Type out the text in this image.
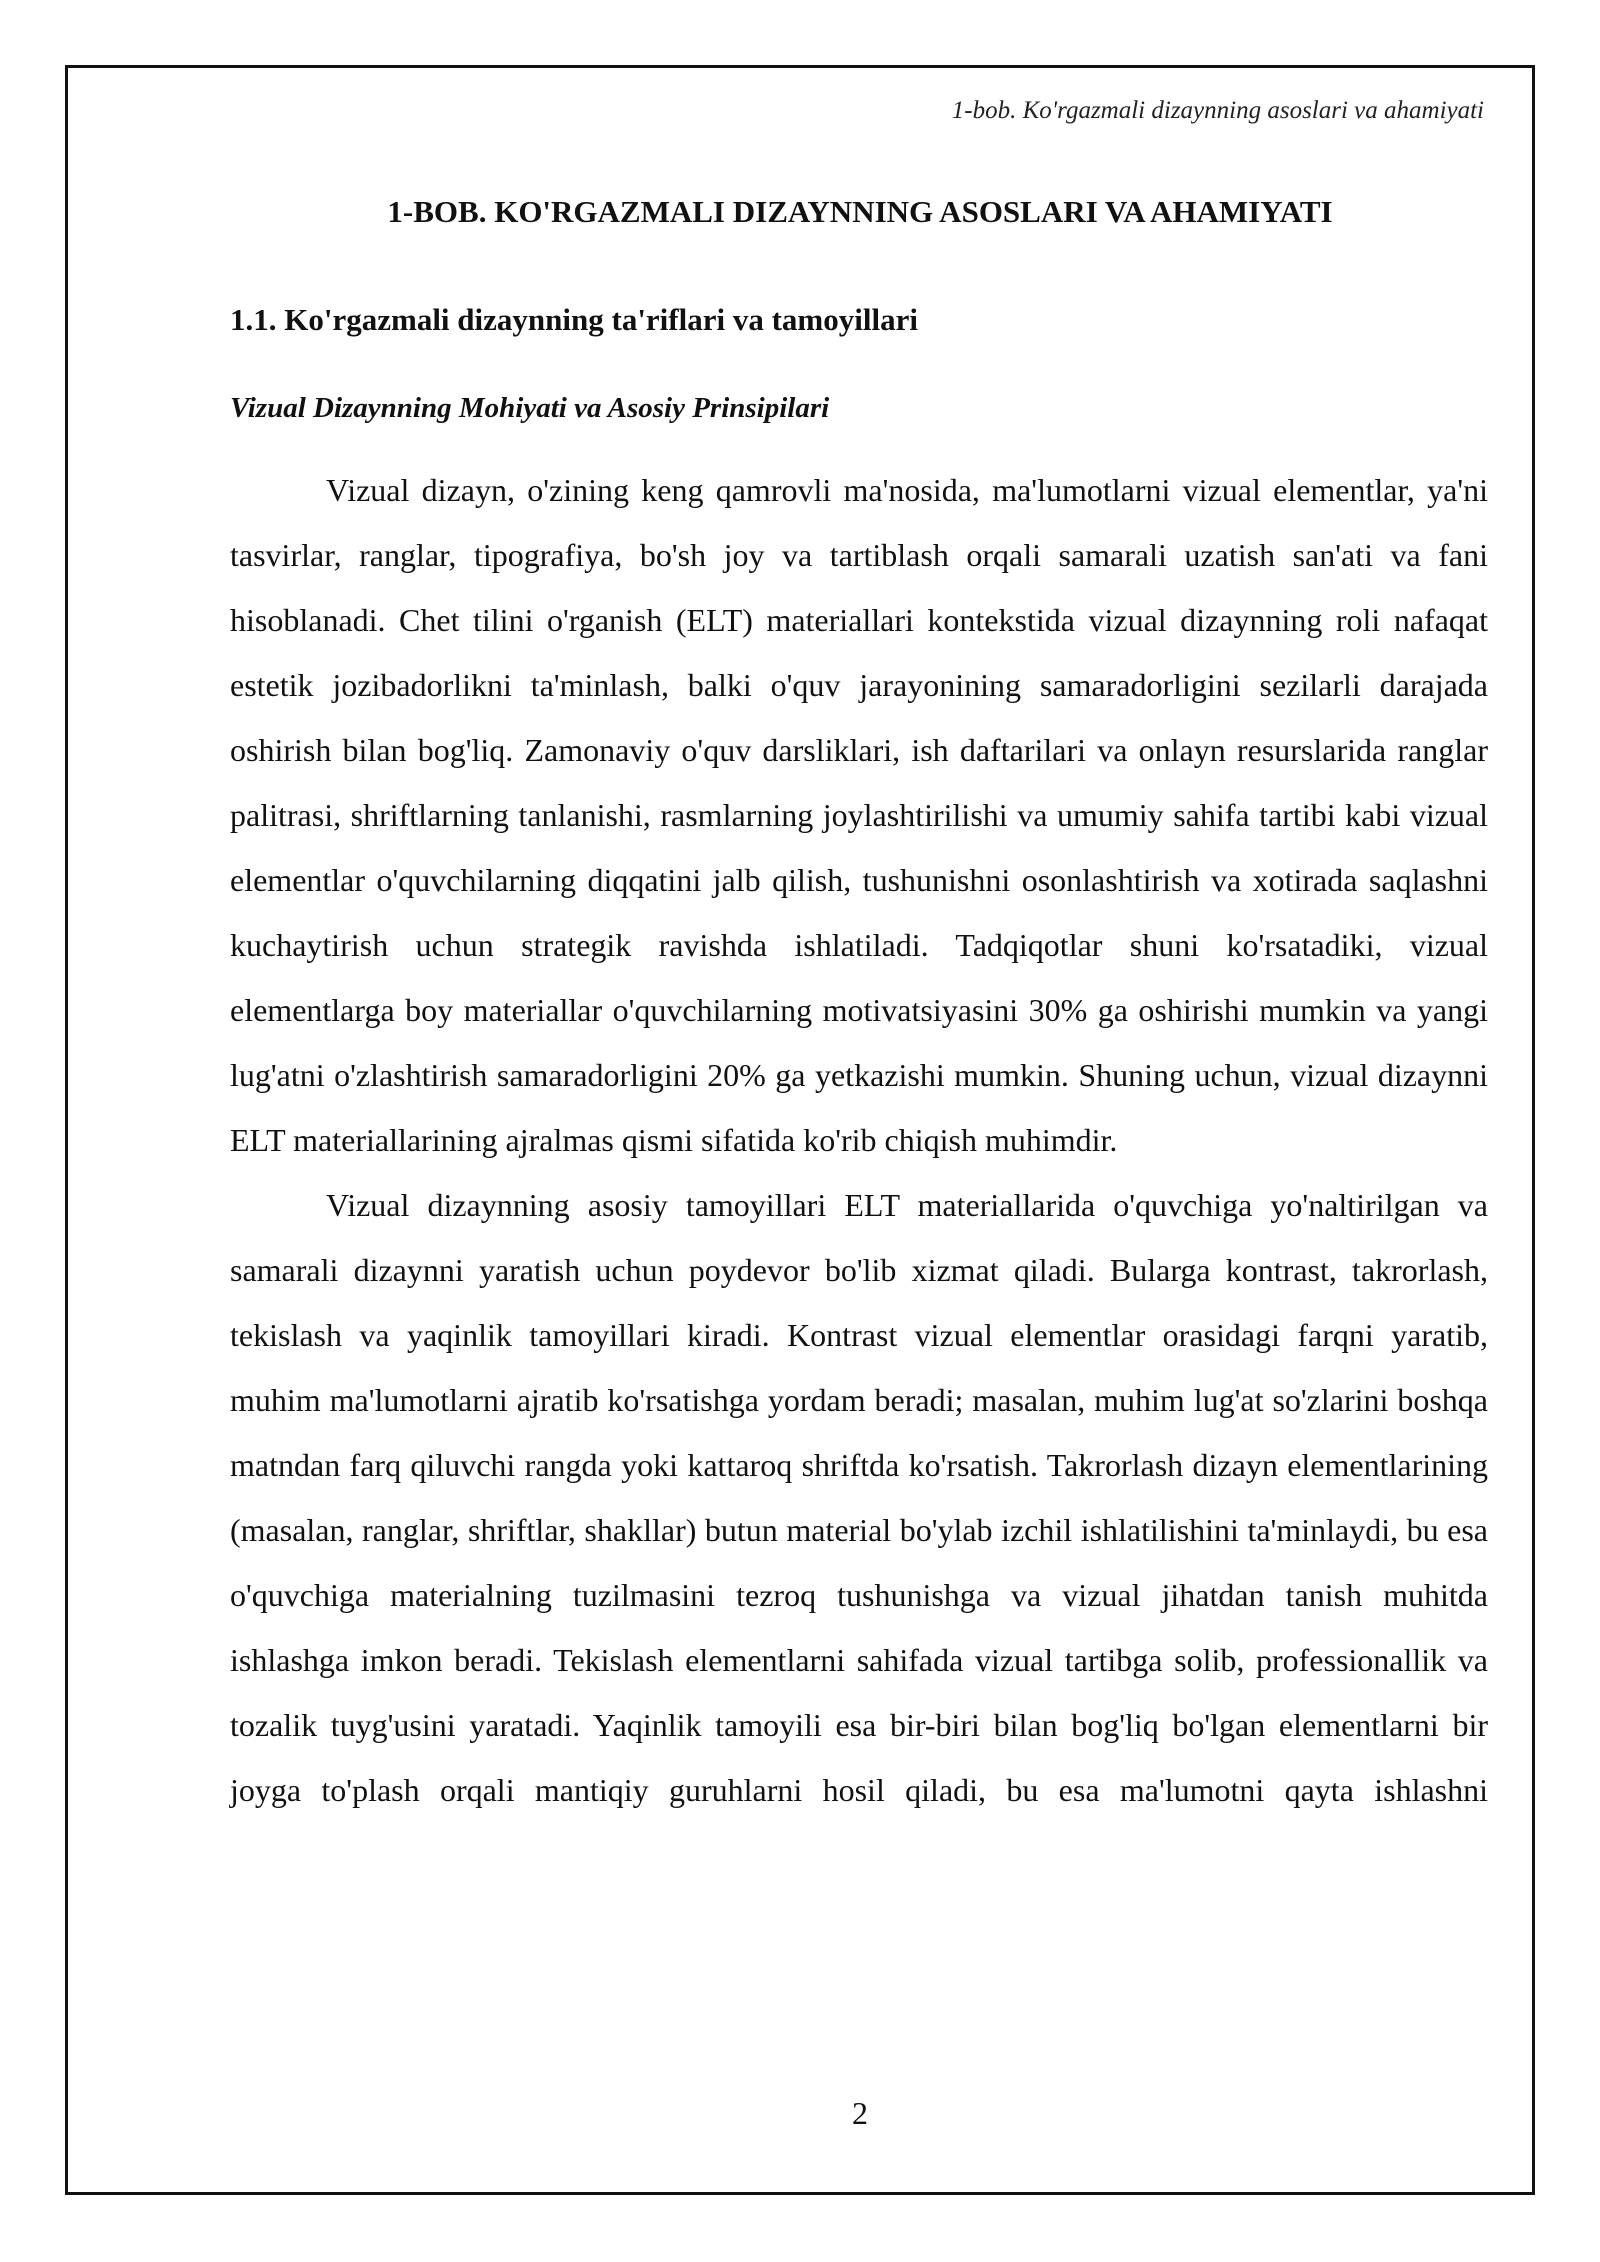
1-bob. Ko'rgazmali dizaynning asoslari va ahamiyati
1-BOB. KO'RGAZMALI DIZAYNNING ASOSLARI VA AHAMIYATI
1.1. Ko'rgazmali dizaynning ta'riflari va tamoyillari
Vizual Dizaynning Mohiyati va Asosiy Prinsipilari

Vizual dizayn, o'zining keng qamrovli ma'nosida, ma'lumotlarni vizual elementlar, ya'ni tasvirlar, ranglar, tipografiya, bo'sh joy va tartiblash orqali samarali uzatish san'ati va fani hisoblanadi. Chet tilini o'rganish (ELT) materiallari kontekstida vizual dizaynning roli nafaqat estetik jozibadorlikni ta'minlash, balki o'quv jarayonining samaradorligini sezilarli darajada oshirish bilan bog'liq. Zamonaviy o'quv darsliklari, ish daftarilari va onlayn resurslarida ranglar palitrasi, shriftlarning tanlanishi, rasmlarning joylashtirilishi va umumiy sahifa tartibi kabi vizual elementlar o'quvchilarning diqqatini jalb qilish, tushunishni osonlashtirish va xotirada saqlashni kuchaytirish uchun strategik ravishda ishlatiladi. Tadqiqotlar shuni ko'rsatadiki, vizual elementlarga boy materiallar o'quvchilarning motivatsiyasini 30% ga oshirishi mumkin va yangi lug'atni o'zlashtirish samaradorligini 20% ga yetkazishi mumkin. Shuning uchun, vizual dizaynni ELT materiallarining ajralmas qismi sifatida ko'rib chiqish muhimdir.

Vizual dizaynning asosiy tamoyillari ELT materiallarida o'quvchiga yo'naltirilgan va samarali dizaynni yaratish uchun poydevor bo'lib xizmat qiladi. Bularga kontrast, takrorlash, tekislash va yaqinlik tamoyillari kiradi. Kontrast vizual elementlar orasidagi farqni yaratib, muhim ma'lumotlarni ajratib ko'rsatishga yordam beradi; masalan, muhim lug'at so'zlarini boshqa matndan farq qiluvchi rangda yoki kattaroq shriftda ko'rsatish. Takrorlash dizayn elementlarining (masalan, ranglar, shriftlar, shakllar) butun material bo'ylab izchil ishlatilishini ta'minlaydi, bu esa o'quvchiga materialning tuzilmasini tezroq tushunishga va vizual jihatdan tanish muhitda ishlashga imkon beradi. Tekislash elementlarni sahifada vizual tartibga solib, professionallik va tozalik tuyg'usini yaratadi. Yaqinlik tamoyili esa bir-biri bilan bog'liq bo'lgan elementlarni bir joyga to'plash orqali mantiqiy guruhlarni hosil qiladi, bu esa ma'lumotni qayta ishlashni

2
